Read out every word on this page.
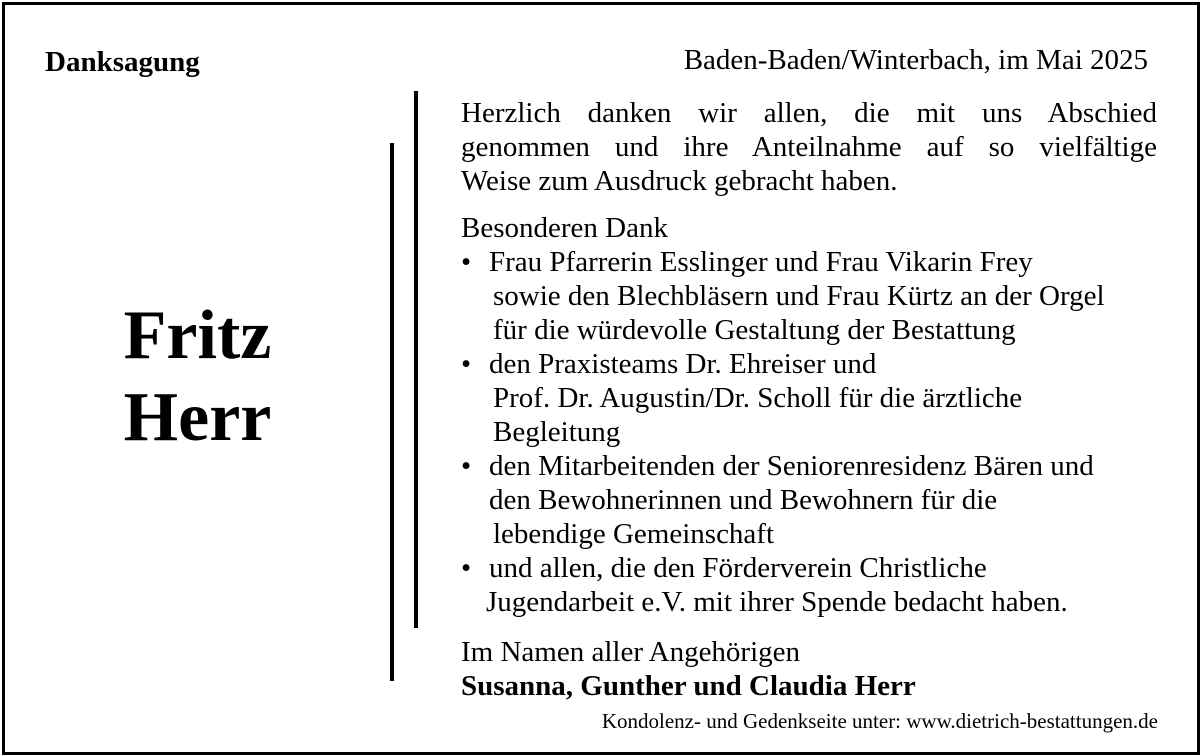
Danksagung	Baden-Baden/Winterbach, im Mai 2025
Fritz
Herr

Herzlich danken wir allen, die mit uns Abschied
genommen und ihre Anteilnahme auf so vielfältige
Weise zum Ausdruck gebracht haben.

Besonderen Dank

• Frau Pfarrerin Esslinger und Frau Vikarin Frey
sowie den Blechbläsern und Frau Kürtz an der Orgel
für die würdevolle Gestaltung der Bestattung
• den Praxisteams Dr. Ehreiser und
Prof. Dr. Augustin/Dr. Scholl für die ärztliche
Begleitung
• den Mitarbeitenden der Seniorenresidenz Bären und
den Bewohnerinnen und Bewohnern für die
lebendige Gemeinschaft
• und allen, die den Förderverein Christliche
Jugendarbeit e.V. mit ihrer Spende bedacht haben.

Im Namen aller Angehörigen

Susanna, Gunther und Claudia Herr

Kondolenz- und Gedenkseite unter: www.dietrich-bestattungen.de
